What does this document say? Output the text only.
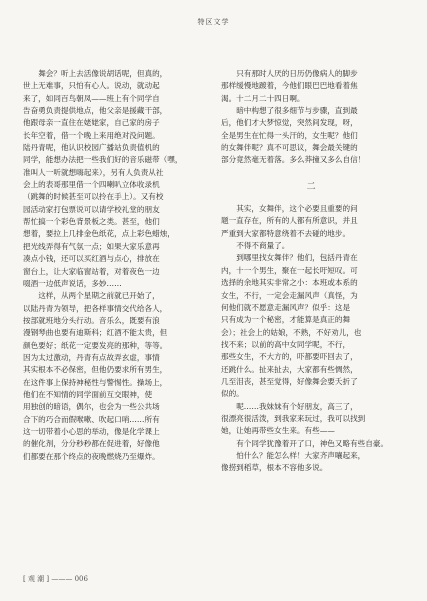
特区文学

舞会？听上去活像说胡话呢，但真的，
世上无难事，只怕有心人。说动，就动起
来了，如同百鸟朝凤——班上有个同学自
告奋勇负责提供地点，他父亲是援藏干部，
他跟母亲一直住在姥姥家，自己家的房子
长年空着，借一个晚上来用绝对没问题。
陆丹青呢，他认识校园广播站负责值机的
同学，能想办法把一些我们好的音乐磁带（嘿，
准叫人一听就想嗨起来），另有人负责从社
会上的表哥那里借一个四喇叭立体收录机
（跳舞的时候甚至可以拎在手上）。又有校
园活动家打包票说可以请学校礼堂的朋友
帮忙搞一个彩色背景板之类。甚至，他们
想着，要拉上几排金色纸花，点上彩色蜡烛，
把光线弄得有气氛一点；如果大家乐意再
凑点小钱，还可以买红酒与点心，排放在
窗台上，让大家临窗站着，对着夜色一边
啜酒一边低声说话，多妙……

这样，从两个星期之前就已开始了，
以陆丹青为领导，把各样事情交代给各人，
按部就班地分头行动。音乐么，既要有浪
漫钢琴曲也要有迪斯科；红酒不能太贵，但
颜色要好；纸花一定要发亮的那种，等等。
因为太过激动，丹青有点故弄玄虚，事情
其实根本不必保密，但他仍要求所有男生，
在这件事上保持神秘性与警惕性。操场上，
他们在不知情的同学面前互交眼神，使
用独创的暗语，偶尔，也会为一些公共场
合下的巧合而假喉嗽、吹起口哨……所有
这一切带着小心思的举动，像是化学课上
的催化剂，分分秒秒都在促进着，好像他
们都要在那个终点的夜晚燃烧乃至爆炸。

只有那时人厌的日历仍像病人的脚步
那样缓慢地踱着，今他们眼巴巴地看着焦
渴。十二月二十四日啊。

暗中构想了很多细节与步骤，直到最
后，他们才大梦惊觉，突然间发现，呀，
全是男生在忙得一头汗的，女生呢？他们
的女舞伴呢？真不可思议，舞会最关键的
部分竟然毫无着落。多么莽撞又多么自信！

二

其实，女舞伴，这个必要且重要的问
题一直存在，所有的人都有所意识，并且
严重到大家都特意绕着不去碰的地步。

不得不商量了。

到哪里找女舞伴？他们，包括丹青在
内，十一个男生，聚在一起长吁短叹。可
选择的余地其实非常之小：本班或本系的
女生，不行，一定会走漏风声（真怪，为
何他们就不愿意走漏风声？似乎：这是
只有成为一个秘密，才能算是真正的舞
会）；社会上的姑娘，不熟，不好劝儿，也
找不来；以前的高中女同学呢，不行，
那些女生，不大方的，吓都要吓回去了，
还跳什么。扯来扯去，大家都有些惆然，
几至泪丧，甚至觉得，好像舞会要夭折了
似的。

呢……我妹妹有个好朋友，高三了，
很漂亮很活泼，到我家来玩过，我可以找到
她，让她再带些女生来。有些——

有个同学犹豫着开了口，神色又略有些自豪。

怕什么？能怎么样！大家齐声嚷起来，
像捞到稻草，根本不容他多说。

[ 观 潮 ] ——— 006
